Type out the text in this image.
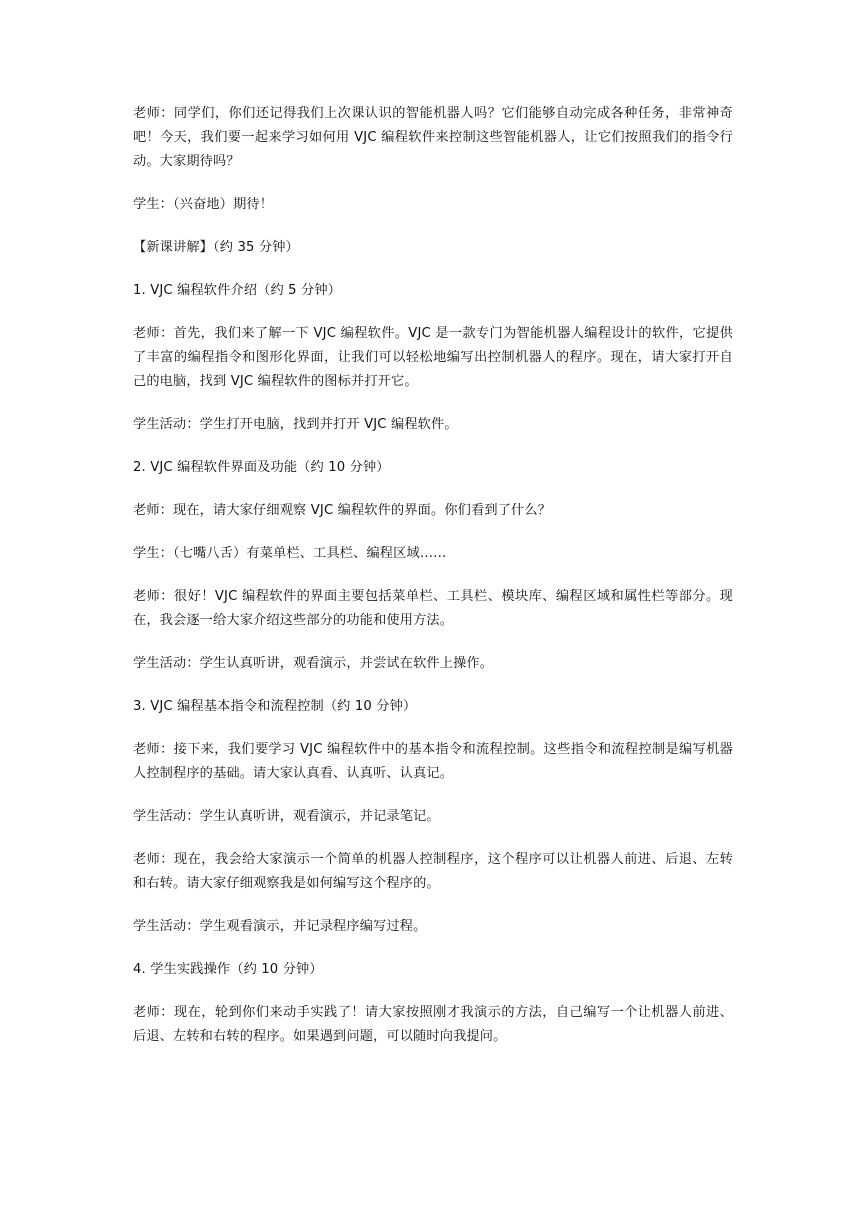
老师：同学们，你们还记得我们上次课认识的智能机器人吗？它们能够自动完成各种任务，非常神奇吧！今天，我们要一起来学习如何用 VJC 编程软件来控制这些智能机器人，让它们按照我们的指令行动。大家期待吗？

学生：（兴奋地）期待！

【新课讲解】（约 35 分钟）

1. VJC 编程软件介绍（约 5 分钟）

老师：首先，我们来了解一下 VJC 编程软件。VJC 是一款专门为智能机器人编程设计的软件，它提供了丰富的编程指令和图形化界面，让我们可以轻松地编写出控制机器人的程序。现在，请大家打开自己的电脑，找到 VJC 编程软件的图标并打开它。

学生活动：学生打开电脑，找到并打开 VJC 编程软件。

2. VJC 编程软件界面及功能（约 10 分钟）

老师：现在，请大家仔细观察 VJC 编程软件的界面。你们看到了什么？

学生：（七嘴八舌）有菜单栏、工具栏、编程区域……

老师：很好！VJC 编程软件的界面主要包括菜单栏、工具栏、模块库、编程区域和属性栏等部分。现在，我会逐一给大家介绍这些部分的功能和使用方法。

学生活动：学生认真听讲，观看演示，并尝试在软件上操作。

3. VJC 编程基本指令和流程控制（约 10 分钟）

老师：接下来，我们要学习 VJC 编程软件中的基本指令和流程控制。这些指令和流程控制是编写机器人控制程序的基础。请大家认真看、认真听、认真记。

学生活动：学生认真听讲，观看演示，并记录笔记。

老师：现在，我会给大家演示一个简单的机器人控制程序，这个程序可以让机器人前进、后退、左转和右转。请大家仔细观察我是如何编写这个程序的。

学生活动：学生观看演示，并记录程序编写过程。

4. 学生实践操作（约 10 分钟）

老师：现在，轮到你们来动手实践了！请大家按照刚才我演示的方法，自己编写一个让机器人前进、后退、左转和右转的程序。如果遇到问题，可以随时向我提问。
